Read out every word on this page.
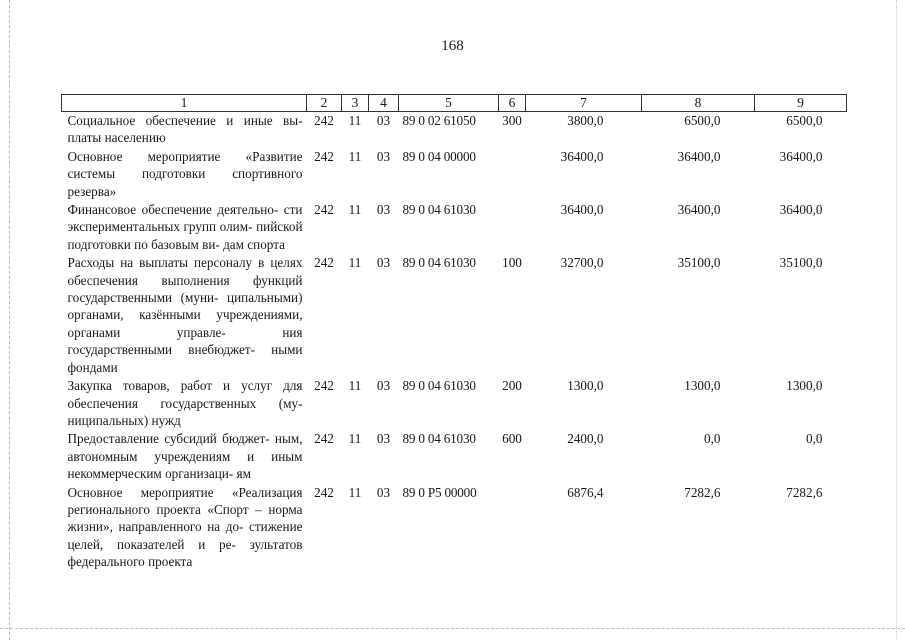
168
1	2	3	4	5	6	7	8	9
Социальное обеспечение и иные вы- платы населению	242	11	03	89 0 02 61050	300	3800,0	6500,0	6500,0
Основное мероприятие «Развитие системы подготовки спортивного резерва»	242	11	03	89 0 04 00000		36400,0	36400,0	36400,0
Финансовое обеспечение деятельно- сти экспериментальных групп олим- пийской подготовки по базовым ви- дам спорта	242	11	03	89 0 04 61030		36400,0	36400,0	36400,0
Расходы на выплаты персоналу в целях обеспечения выполнения функций государственными (муни- ципальными) органами, казёнными учреждениями, органами управле- ния государственными внебюджет- ными фондами	242	11	03	89 0 04 61030	100	32700,0	35100,0	35100,0
Закупка товаров, работ и услуг для обеспечения государственных (му- ниципальных) нужд	242	11	03	89 0 04 61030	200	1300,0	1300,0	1300,0
Предоставление субсидий бюджет- ным, автономным учреждениям и иным некоммерческим организаци- ям	242	11	03	89 0 04 61030	600	2400,0	0,0	0,0
Основное мероприятие «Реализация регионального проекта «Спорт – норма жизни», направленного на до- стижение целей, показателей и ре- зультатов федерального проекта	242	11	03	89 0 P5 00000		6876,4	7282,6	7282,6
